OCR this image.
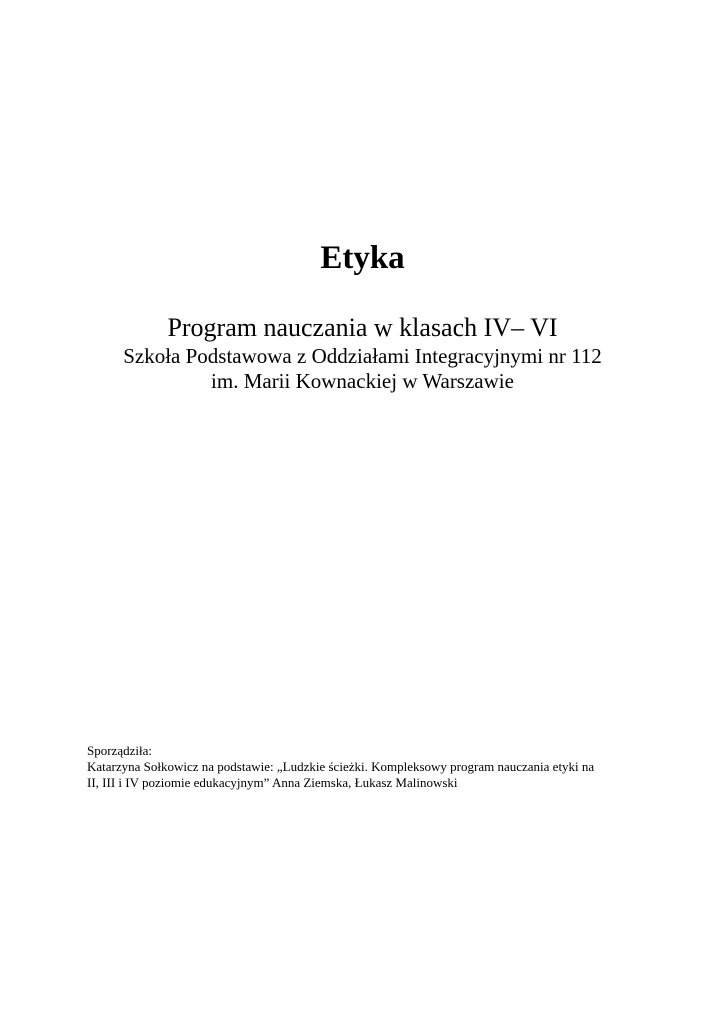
Etyka

Program nauczania w klasach IV– VI

Szkoła Podstawowa z Oddziałami Integracyjnymi nr 112

im. Marii Kownackiej w Warszawie

Sporządziła:

Katarzyna Sołkowicz na podstawie: „Ludzkie ścieżki. Kompleksowy program nauczania etyki na

II, III i IV poziomie edukacyjnym” Anna Ziemska, Łukasz Malinowski
